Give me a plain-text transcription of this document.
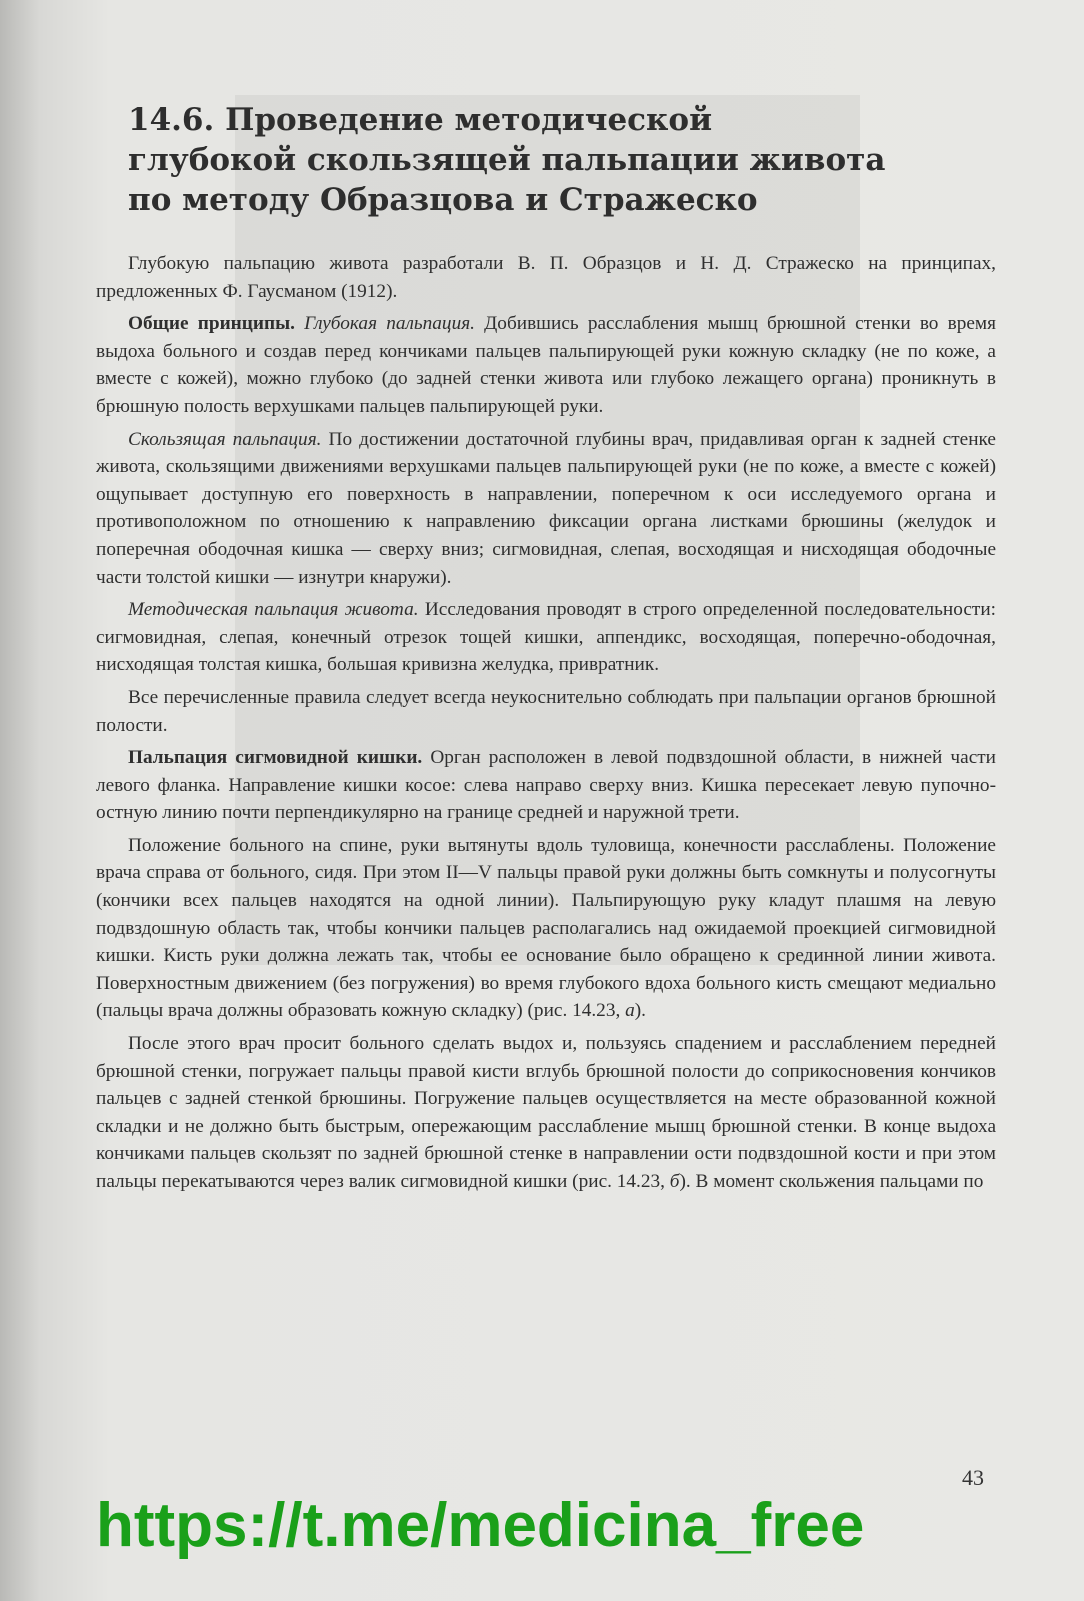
14.6. Проведение методической
глубокой скользящей пальпации живота
по методу Образцова и Стражеско

Глубокую пальпацию живота разработали В. П. Образцов и Н. Д. Стражеско на принципах, предложенных Ф. Гаусманом (1912).

Общие принципы. Глубокая пальпация. Добившись расслабления мышц брюшной стенки во время выдоха больного и создав перед кончиками пальцев пальпирующей руки кожную складку (не по коже, а вместе с кожей), можно глубоко (до задней стенки живота или глубоко лежащего органа) проникнуть в брюшную полость верхушками пальцев пальпирующей руки.

Скользящая пальпация. По достижении достаточной глубины врач, придавливая орган к задней стенке живота, скользящими движениями верхушками пальцев пальпирующей руки (не по коже, а вместе с кожей) ощупывает доступную его поверхность в направлении, поперечном к оси исследуемого органа и противоположном по отношению к направлению фиксации органа листками брюшины (желудок и поперечная ободочная кишка — сверху вниз; сигмовидная, слепая, восходящая и нисходящая ободочные части толстой кишки — изнутри кнаружи).

Методическая пальпация живота. Исследования проводят в строго определенной последовательности: сигмовидная, слепая, конечный отрезок тощей кишки, аппендикс, восходящая, поперечно-ободочная, нисходящая толстая кишка, большая кривизна желудка, привратник.

Все перечисленные правила следует всегда неукоснительно соблюдать при пальпации органов брюшной полости.

Пальпация сигмовидной кишки. Орган расположен в левой подвздошной области, в нижней части левого фланка. Направление кишки косое: слева направо сверху вниз. Кишка пересекает левую пупочно-остную линию почти перпендикулярно на границе средней и наружной трети.

Положение больного на спине, руки вытянуты вдоль туловища, конечности расслаблены. Положение врача справа от больного, сидя. При этом II—V пальцы правой руки должны быть сомкнуты и полусогнуты (кончики всех пальцев находятся на одной линии). Пальпирующую руку кладут плашмя на левую подвздошную область так, чтобы кончики пальцев располагались над ожидаемой проекцией сигмовидной кишки. Кисть руки должна лежать так, чтобы ее основание было обращено к срединной линии живота. Поверхностным движением (без погружения) во время глубокого вдоха больного кисть смещают медиально (пальцы врача должны образовать кожную складку) (рис. 14.23, а).

После этого врач просит больного сделать выдох и, пользуясь спадением и расслаблением передней брюшной стенки, погружает пальцы правой кисти вглубь брюшной полости до соприкосновения кончиков пальцев с задней стенкой брюшины. Погружение пальцев осуществляется на месте образованной кожной складки и не должно быть быстрым, опережающим расслабление мышц брюшной стенки. В конце выдоха кончиками пальцев скользят по задней брюшной стенке в направлении ости подвздошной кости и при этом пальцы перекатываются через валик сигмовидной кишки (рис. 14.23, б). В момент скольжения пальцами по

43
https://t.me/medicina_free
